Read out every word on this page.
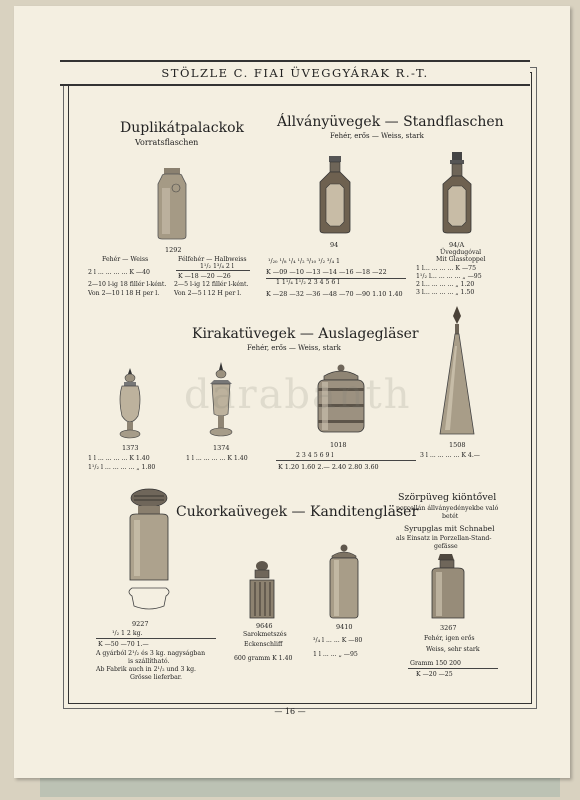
STÖLZLE C. FIAI ÜVEGGYÁRAK R.-T.
Duplikátpalackok
Vorratsflaschen
1292
Fehér — Weiss
2 l ... ... ... ... K —40
2—10 l-ig 18 fillér l-ként.
Von 2—10 l 18 H per l.
Félfehér — Halbweiss
1¹/₂ 1³/₄ 2 l
K —18 —20 —26
2—5 l-ig 12 fillér l-ként.
Von 2—5 l 12 H per l.
Állványüvegek — Standflaschen
Fehér, erős — Weiss, stark
94	94/A
Üvegdugóval
Mit Glasstoppel
¹/₂₀ ¹/₈ ¹/₄ ¹/₂ ³/₁₀ ¹/₂ ³/₄ 1
K —09 —10 —13 —14 —16 —18 —22
1 1¹/₄ 1¹/₂ 2 3 4 5 6 l
K —28 —32 —36 —48 —70 —90 1.10 1.40
1 l... ... ... ... K —75
1¹/₂ l... ... ... ... „ —95
2 l... ... ... ... „ 1.20
3 l... ... ... ... „ 1.50
Kirakatüvegek — Auslagegläser
Fehér, erős — Weiss, stark
1373	1374	1018	1508
1 l ... ... ... ... K 1.40
1¹/₂ l ... ... ... ... „ 1.80
1 l ... ... ... ... K 1.40	2 3 4 5 6 9 l
K 1.20 1.60 2.— 2.40 2.80 3.60
3 l ... ... ... ... K 4.—
Cukorkaüvegek — Kanditengläser
9227
¹/₂ 1 2 kg.
K —50 —70 1.—
A gyárból 2¹/₂ és 3 kg. nagyságban
is szállítható.
Ab Fabrik auch in 2¹/₂ und 3 kg.
Grösse lieferbar.
9646
Sarokmetszés
Eckenschliff
600 gramm K 1.40
9410
³/₄ l ... ... K —80
1 l ... ... „ —95
Szörpüveg kiöntővel
porcellán állványedényekbe való
betét
Syrupglas mit Schnabel
als Einsatz in Porzellan-Stand-
gefässe
3267
Fehér, igen erős
Weiss, sehr stark
Gramm 150 200
K —20 —25
darabanth
— 16 —
